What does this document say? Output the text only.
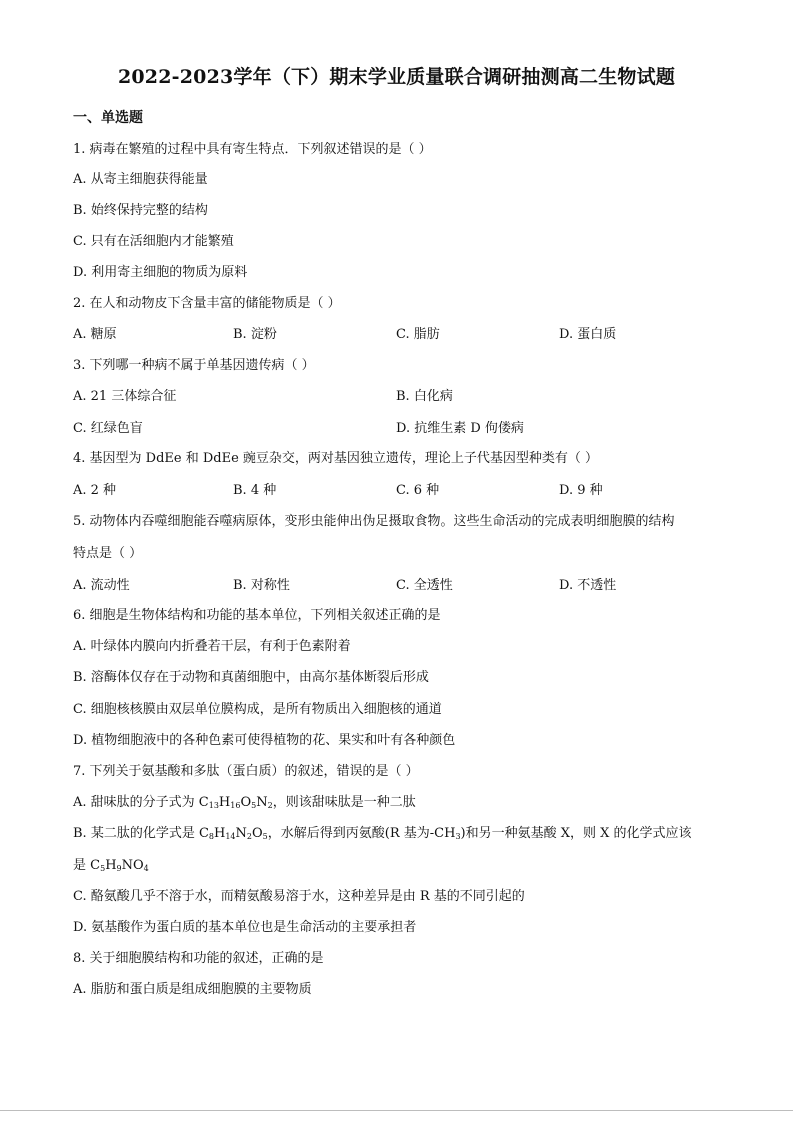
2022-2023学年（下）期末学业质量联合调研抽测高二生物试题
一、单选题
1. 病毒在繁殖的过程中具有寄生特点．下列叙述错误的是（ ）
A. 从寄主细胞获得能量
B. 始终保持完整的结构
C. 只有在活细胞内才能繁殖
D. 利用寄主细胞的物质为原料
2. 在人和动物皮下含量丰富的储能物质是（ ）
A. 糖原	B. 淀粉	C. 脂肪	D. 蛋白质
3. 下列哪一种病不属于单基因遗传病（ ）
A. 21 三体综合征	B. 白化病
C. 红绿色盲	D. 抗维生素 D 佝偻病
4. 基因型为 DdEe 和 DdEe 豌豆杂交，两对基因独立遗传，理论上子代基因型种类有（ ）
A. 2 种	B. 4 种	C. 6 种	D. 9 种
5. 动物体内吞噬细胞能吞噬病原体，变形虫能伸出伪足摄取食物。这些生命活动的完成表明细胞膜的结构
特点是（ ）
A. 流动性	B. 对称性	C. 全透性	D. 不透性
6. 细胞是生物体结构和功能的基本单位，下列相关叙述正确的是
A. 叶绿体内膜向内折叠若干层，有利于色素附着
B. 溶酶体仅存在于动物和真菌细胞中，由高尔基体断裂后形成
C. 细胞核核膜由双层单位膜构成，是所有物质出入细胞核的通道
D. 植物细胞液中的各种色素可使得植物的花、果实和叶有各种颜色
7. 下列关于氨基酸和多肽（蛋白质）的叙述，错误的是（ ）
A. 甜味肽的分子式为 $C_{13}H_{16}O_5N_2$，则该甜味肽是一种二肽
B. 某二肽的化学式是 $C_8H_{14}N_2O_5$，水解后得到丙氨酸(R 基为$-CH_3$)和另一种氨基酸 X，则 X 的化学式应该
是 $C_5H_9NO_4$
C. 酪氨酸几乎不溶于水，而精氨酸易溶于水，这种差异是由 R 基的不同引起的
D. 氨基酸作为蛋白质的基本单位也是生命活动的主要承担者
8. 关于细胞膜结构和功能的叙述，正确的是
A. 脂肪和蛋白质是组成细胞膜的主要物质
